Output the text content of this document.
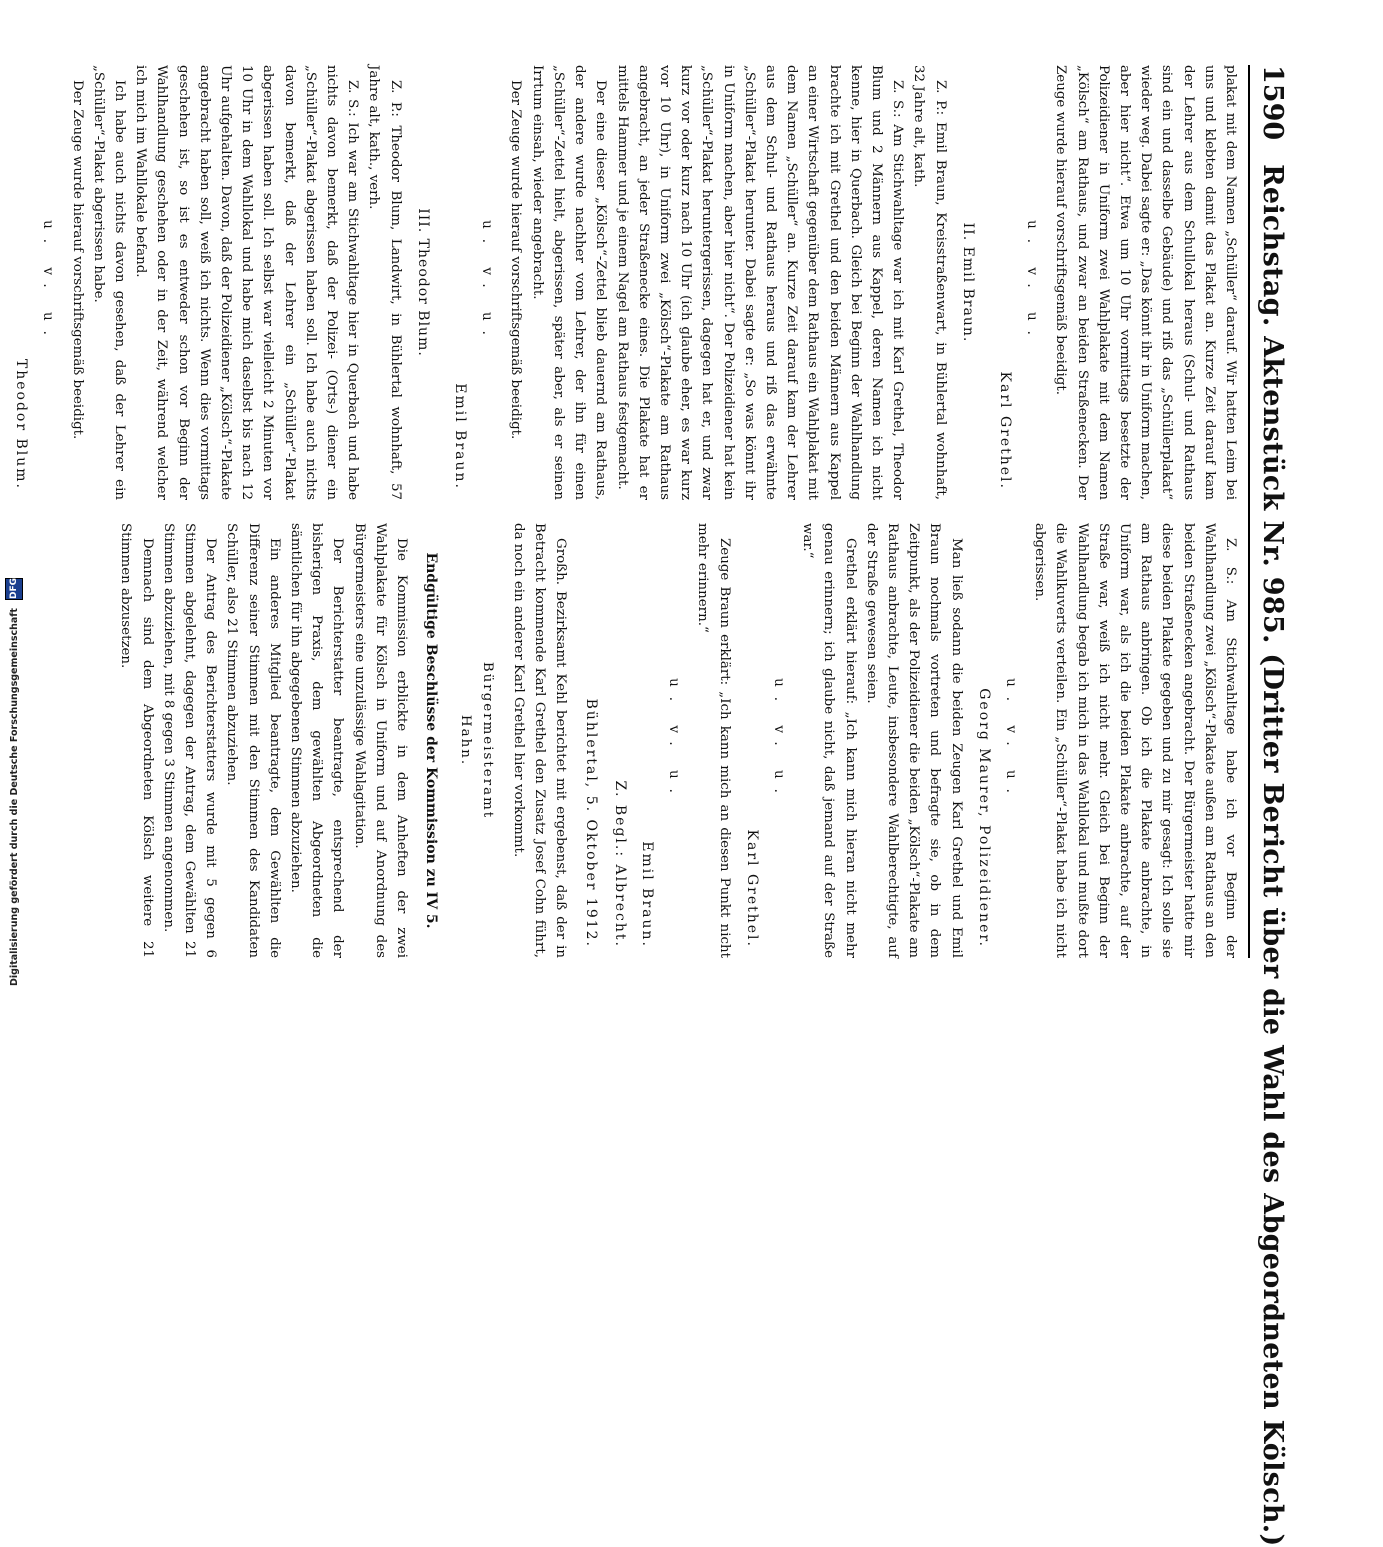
1590
Reichstag. Aktenstück Nr. 985. (Dritter Bericht über die Wahl des Abgeordneten Kölsch.)

plakat mit dem Namen „Schüller“ darauf. Wir hatten Leim bei uns und klebten damit das Plakat an. Kurze Zeit darauf kam der Lehrer aus dem Schullokal heraus (Schul- und Rathaus sind ein und dasselbe Gebäude) und riß das „Schüllerplakat“ wieder weg. Dabei sagte er: „Das könnt ihr in Uniform machen, aber hier nicht“. Etwa um 10 Uhr vormittags besetzte der Polizeidiener in Uniform zwei Wahlplakate mit dem Namen „Kölsch“ am Rathaus, und zwar an beiden Straßenecken. Der Zeuge wurde hierauf vorschriftsgemäß beeidigt.

u. v. u.
Karl Grethel.
II. Emil Braun.

Z. P.: Emil Braun, Kreisstraßenwart, in Bühlertal wohnhaft, 32 Jahre alt, kath.

Z. S.: Am Stichwahltage war ich mit Karl Grethel, Theodor Blum und 2 Männern aus Kappel, deren Namen ich nicht kenne, hier in Querbach. Gleich bei Beginn der Wahlhandlung brachte ich mit Grethel und den beiden Männern aus Kappel an einer Wirtschaft gegenüber dem Rathaus ein Wahlplakat mit dem Namen „Schüller“ an. Kurze Zeit darauf kam der Lehrer aus dem Schul- und Rathaus heraus und riß das erwähnte „Schüller“-Plakat herunter. Dabei sagte er: „So was könnt ihr in Uniform machen, aber hier nicht“. Der Polizeidiener hat kein „Schüller“-Plakat heruntergerissen, dagegen hat er, und zwar kurz vor oder kurz nach 10 Uhr (ich glaube eher, es war kurz vor 10 Uhr), in Uniform zwei „Kölsch“-Plakate am Rathaus angebracht, an jeder Straßenecke eines. Die Plakate hat er mittels Hammer und je einem Nagel am Rathaus festgemacht.

Der eine dieser „Kölsch“-Zettel blieb dauernd am Rathaus, der andere wurde nachher vom Lehrer, der ihn für einen „Schüller“-Zettel hielt, abgerissen, später aber, als er seinen Irrtum einsah, wieder angebracht.

Der Zeuge wurde hierauf vorschriftsgemäß beeidigt.

u. v. u.
Emil Braun.
III. Theodor Blum.

Z. P.: Theodor Blum, Landwirt, in Bühlertal wohnhaft, 57 Jahre alt, kath., verh.

Z. S.: Ich war am Stichwahltage hier in Querbach und habe nichts davon bemerkt, daß der Polizei- (Orts-) diener ein „Schüller“-Plakat abgerissen haben soll. Ich habe auch nichts davon bemerkt, daß der Lehrer ein „Schüller“-Plakat abgerissen haben soll. Ich selbst war vielleicht 2 Minuten vor 10 Uhr in dem Wahllokal und habe mich daselbst bis nach 12 Uhr aufgehalten. Davon, daß der Polizeidiener „Kölsch“-Plakate angebracht haben soll, weiß ich nichts. Wenn dies vormittags geschehen ist, so ist es entweder schon vor Beginn der Wahlhandlung geschehen oder in der Zeit, während welcher ich mich im Wahllokale befand.

Ich habe auch nichts davon gesehen, daß der Lehrer ein „Schüller“-Plakat abgerissen habe.

Der Zeuge wurde hierauf vorschriftsgemäß beeidigt.

u. v. u.
Theodor Blum.

Z. S.: Am Stichwahltage habe ich vor Beginn der Wahlhandlung zwei „Kölsch“-Plakate außen am Rathaus an den beiden Straßenecken angebracht. Der Bürgermeister hatte mir diese beiden Plakate gegeben und zu mir gesagt: Ich solle sie am Rathaus anbringen. Ob ich die Plakate anbrachte, in Uniform war, als ich die beiden Plakate anbrachte, auf der Straße war, weiß ich nicht mehr. Gleich bei Beginn der Wahlhandlung begab ich mich in das Wahllokal und mußte dort die Wahlkuverts verteilen. Ein „Schüller“-Plakat habe ich nicht abgerissen.

u. v. u.
Georg Maurer, Polizeidiener.

Man ließ sodann die beiden Zeugen Karl Grethel und Emil Braun nochmals vortreten und befragte sie, ob in dem Zeitpunkt, als der Polizeidiener die beiden „Kölsch“-Plakate am Rathaus anbrachte, Leute, insbesondere Wahlberechtigte, auf der Straße gewesen seien.

Grethel erklärt hierauf: „Ich kann mich hieran nicht mehr genau erinnern; ich glaube nicht, daß jemand auf der Straße war.“

u. v. u.
Karl Grethel.

Zeuge Braun erklärt: „Ich kann mich an diesen Punkt nicht mehr erinnern.“

u. v. u.
Emil Braun.
Z. Begl.: Albrecht.
Bühlertal, 5. Oktober 1912.

Großh. Bezirksamt Kehl berichtet mit ergebenst, daß der in Betracht kommende Karl Grethel den Zusatz Josef Cohn führt, da noch ein anderer Karl Grethel hier vorkommt.

Bürgermeisteramt
Hahn.
Endgültige Beschlüsse der Kommission zu IV 5.

Die Kommission erblickte in dem Anheften der zwei Wahlplakate für Kölsch in Uniform und auf Anordnung des Bürgermeisters eine unzulässige Wahlagitation.

Der Berichterstatter beantragte, entsprechend der bisherigen Praxis, dem gewählten Abgeordneten die sämtlichen für ihn abgegebenen Stimmen abzuziehen.

Ein anderes Mitglied beantragte, dem Gewählten die Differenz seiner Stimmen mit den Stimmen des Kandidaten Schüller, also 21 Stimmen abzuziehen.

Der Antrag des Berichterstatters wurde mit 5 gegen 6 Stimmen abgelehnt, dagegen der Antrag, dem Gewählten 21 Stimmen abzuziehen, mit 8 gegen 3 Stimmen angenommen.

Demnach sind dem Abgeordneten Kölsch weitere 21 Stimmen abzusetzen.

Digitalisierung gefördert durch die Deutsche Forschungsgemeinschaft
DFG
